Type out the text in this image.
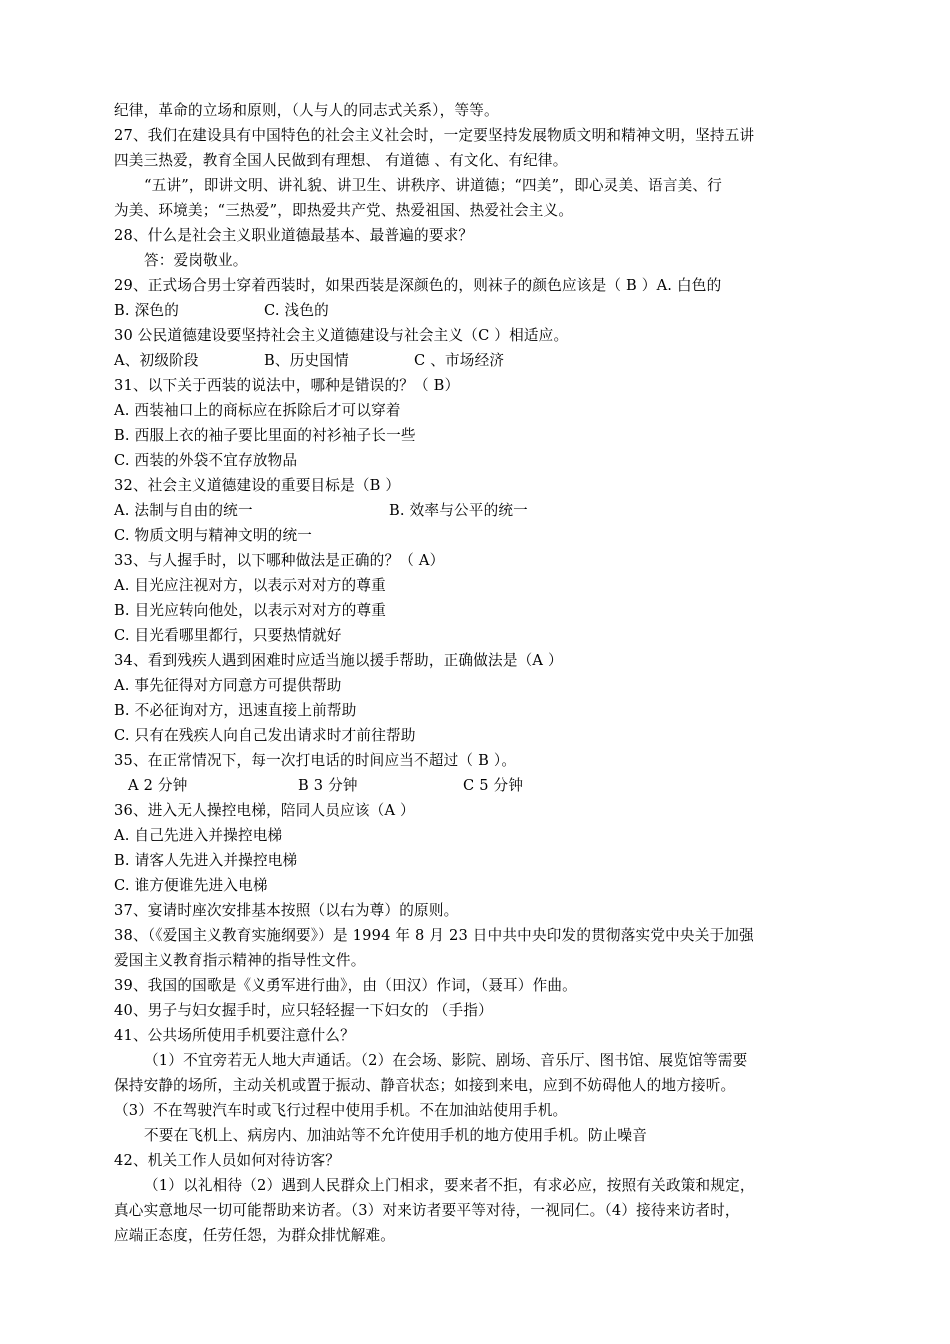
纪律，革命的立场和原则，（人与人的同志式关系），等等。
27、我们在建设具有中国特色的社会主义社会时，一定要坚持发展物质文明和精神文明，坚持五讲
四美三热爱，教育全国人民做到有理想、 有道德 、有文化、有纪律。
“五讲”，即讲文明、讲礼貌、讲卫生、讲秩序、讲道德；“四美”，即心灵美、语言美、行
为美、环境美；“三热爱”，即热爱共产党、热爱祖国、热爱社会主义。
28、什么是社会主义职业道德最基本、最普遍的要求？
答：爱岗敬业。
29、正式场合男士穿着西装时，如果西装是深颜色的，则袜子的颜色应该是（ B ）A. 白色的
B. 深色的	C. 浅色的
30 公民道德建设要坚持社会主义道德建设与社会主义（C ）相适应。
A、初级阶段	B、历史国情	C 、市场经济
31、以下关于西装的说法中，哪种是错误的？（ B）
A. 西装袖口上的商标应在拆除后才可以穿着
B. 西服上衣的袖子要比里面的衬衫袖子长一些
C. 西装的外袋不宜存放物品
32、社会主义道德建设的重要目标是（B ）
A. 法制与自由的统一	B. 效率与公平的统一
C. 物质文明与精神文明的统一
33、与人握手时，以下哪种做法是正确的？（ A）
A. 目光应注视对方，以表示对对方的尊重
B. 目光应转向他处，以表示对对方的尊重
C. 目光看哪里都行，只要热情就好
34、看到残疾人遇到困难时应适当施以援手帮助，正确做法是（A ）
A. 事先征得对方同意方可提供帮助
B. 不必征询对方，迅速直接上前帮助
C. 只有在残疾人向自己发出请求时才前往帮助
35、在正常情况下，每一次打电话的时间应当不超过（ B ）。
A 2 分钟	B 3 分钟	C 5 分钟
36、进入无人操控电梯，陪同人员应该（A ）
A. 自己先进入并操控电梯
B. 请客人先进入并操控电梯
C. 谁方便谁先进入电梯
37、宴请时座次安排基本按照（以右为尊）的原则。
38、（《爱国主义教育实施纲要》）是 1994 年 8 月 23 日中共中央印发的贯彻落实党中央关于加强
爱国主义教育指示精神的指导性文件。
39、我国的国歌是《义勇军进行曲》，由（田汉）作词，（聂耳）作曲。
40、男子与妇女握手时，应只轻轻握一下妇女的 （手指）
41、公共场所使用手机要注意什么？
（1）不宜旁若无人地大声通话。（2）在会场、影院、剧场、音乐厅、图书馆、展览馆等需要
保持安静的场所，主动关机或置于振动、静音状态；如接到来电，应到不妨碍他人的地方接听。
（3）不在驾驶汽车时或飞行过程中使用手机。不在加油站使用手机。
不要在飞机上、病房内、加油站等不允许使用手机的地方使用手机。防止噪音
42、机关工作人员如何对待访客？
（1）以礼相待（2）遇到人民群众上门相求，要来者不拒，有求必应，按照有关政策和规定，
真心实意地尽一切可能帮助来访者。（3）对来访者要平等对待，一视同仁。（4）接待来访者时，
应端正态度，任劳任怨，为群众排忧解难。
